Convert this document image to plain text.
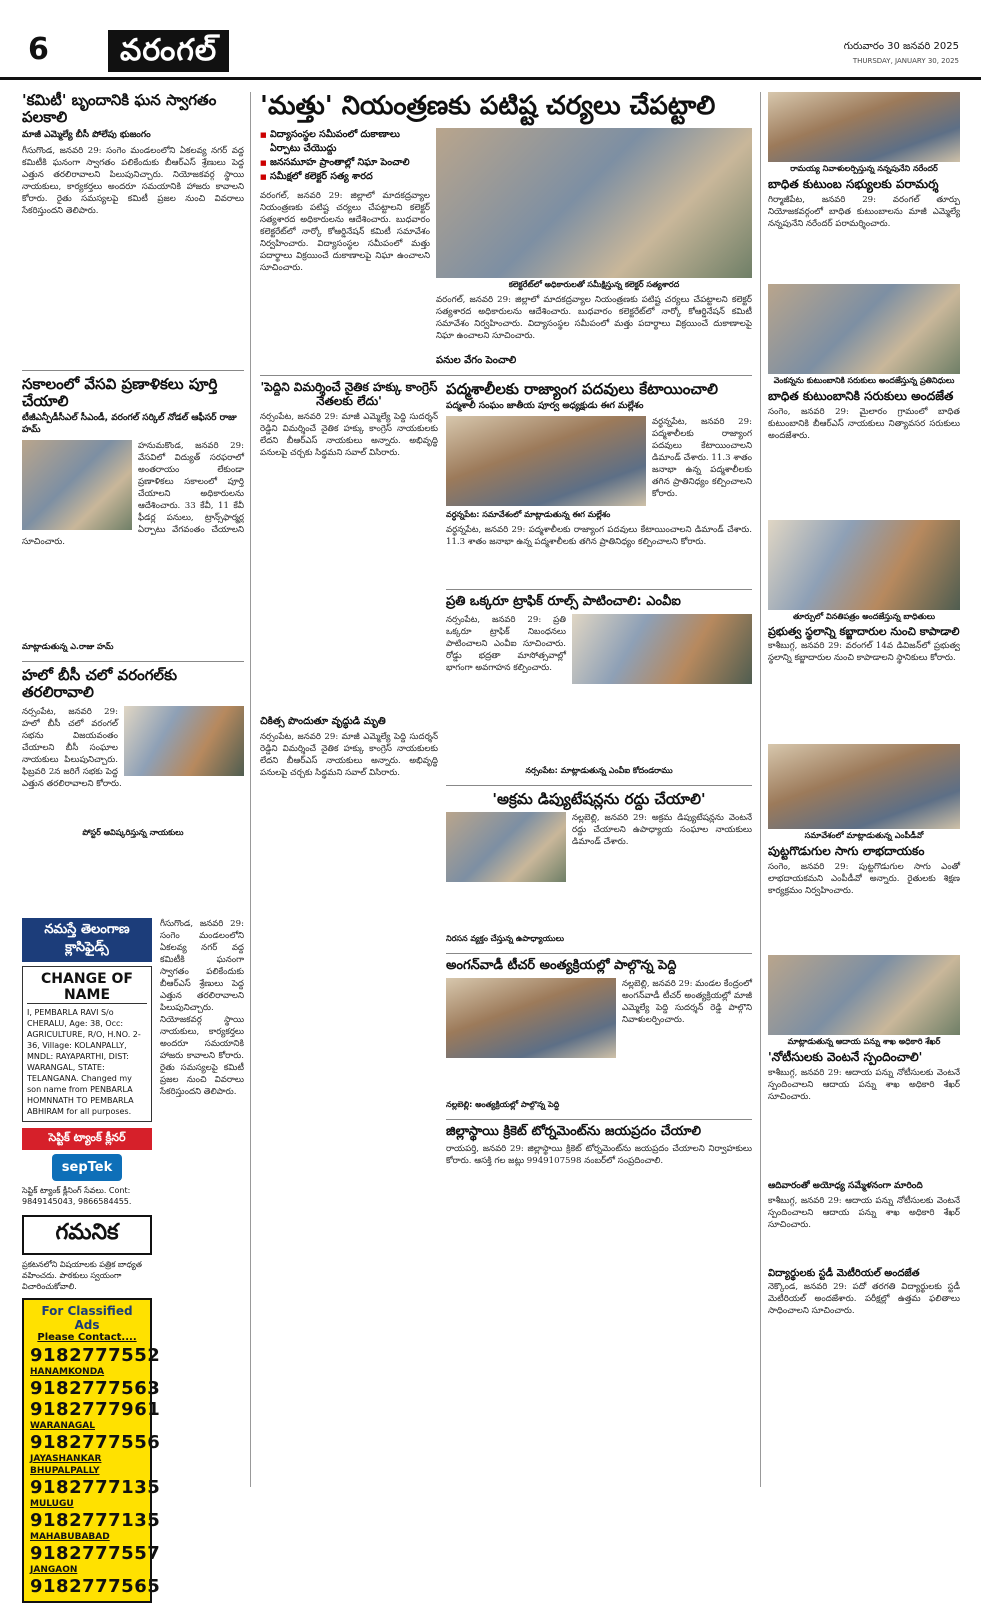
6	వరంగల్	గురువారం 30 జనవరి 2025
THURSDAY, JANUARY 30, 2025
'కమిటీ' బృందానికి ఘన స్వాగతం పలకాలి
మాజీ ఎమ్మెల్యే బీసీ పోలేపు భుజంగం
గీసుగొండ, జనవరి 29: సంగెం మండలంలోని ఏకలవ్య నగర్ వద్ద కమిటీకి ఘనంగా స్వాగతం పలికేందుకు బీఆర్ఎస్ శ్రేణులు పెద్ద ఎత్తున తరలిరావాలని పిలుపునిచ్చారు. నియోజకవర్గ స్థాయి నాయకులు, కార్యకర్తలు అందరూ సమయానికి హాజరు కావాలని కోరారు. రైతు సమస్యలపై కమిటీ ప్రజల నుంచి వివరాలు సేకరిస్తుందని తెలిపారు.
సకాలంలో వేసవి ప్రణాళికలు పూర్తి చేయాలి
టీజీఎన్పీడీసీఎల్ సీఎండీ, వరంగల్ సర్కిల్ నోడల్ ఆఫీసర్ రాజు హమ్
హనుమకొండ, జనవరి 29: వేసవిలో విద్యుత్ సరఫరాలో అంతరాయం లేకుండా ప్రణాళికలు సకాలంలో పూర్తి చేయాలని అధికారులను ఆదేశించారు. 33 కేవీ, 11 కేవీ ఫీడర్ల పనులు, ట్రాన్స్‌ఫార్మర్ల ఏర్పాటు వేగవంతం చేయాలని సూచించారు.
మాట్లాడుతున్న ఎ.రాజు హమ్
హలో బీసీ చలో వరంగల్‌కు తరలిరావాలి
నర్సంపేట, జనవరి 29: హలో బీసీ చలో వరంగల్ సభను విజయవంతం చేయాలని బీసీ సంఘాల నాయకులు పిలుపునిచ్చారు. ఫిబ్రవరి 2న జరిగే సభకు పెద్ద ఎత్తున తరలిరావాలని కోరారు.
పోస్టర్ ఆవిష్కరిస్తున్న నాయకులు
నమస్తే తెలంగాణ క్లాసిఫైడ్స్
CHANGE OF NAME
I, PEMBARLA RAVI S/o CHERALU, Age: 38, Occ: AGRICULTURE, R/O, H.NO. 2-36, Village: KOLANPALLY, MNDL: RAYAPARTHI, DIST: WARANGAL, STATE: TELANGANA. Changed my son name from PENBARLA HOMNNATH TO PEMBARLA ABHIRAM for all purposes.
సెప్టిక్ ట్యాంక్ క్లీనర్
sepTek
సెప్టిక్ ట్యాంక్ క్లీనింగ్ సేవలు. Cont: 9849145043, 9866584455.
గమనిక
ప్రకటనలోని విషయాలకు పత్రిక బాధ్యత వహించదు. పాఠకులు స్వయంగా విచారించుకోవాలి.
For Classified Ads
Please Contact....
9182777552
HANAMKONDA
9182777563
9182777961
WARANAGAL
9182777556
JAYASHANKAR BHUPALPALLY
9182777135
MULUGU
9182777135
MAHABUBABAD
9182777557
JANGAON
9182777565
గీసుగొండ, జనవరి 29: సంగెం మండలంలోని ఏకలవ్య నగర్ వద్ద కమిటీకి ఘనంగా స్వాగతం పలికేందుకు బీఆర్ఎస్ శ్రేణులు పెద్ద ఎత్తున తరలిరావాలని పిలుపునిచ్చారు. నియోజకవర్గ స్థాయి నాయకులు, కార్యకర్తలు అందరూ సమయానికి హాజరు కావాలని కోరారు. రైతు సమస్యలపై కమిటీ ప్రజల నుంచి వివరాలు సేకరిస్తుందని తెలిపారు.
'మత్తు' నియంత్రణకు పటిష్ట చర్యలు చేపట్టాలి
■ విద్యాసంస్థల సమీపంలో దుకాణాలు ఏర్పాటు చేయొద్దు
■ జనసమూహ ప్రాంతాల్లో నిఘా పెంచాలి
■ సమీక్షలో కలెక్టర్ సత్య శారద
వరంగల్, జనవరి 29: జిల్లాలో మాదకద్రవ్యాల నియంత్రణకు పటిష్ట చర్యలు చేపట్టాలని కలెక్టర్ సత్యశారద అధికారులను ఆదేశించారు. బుధవారం కలెక్టరేట్‌లో నార్కో కోఆర్డినేషన్ కమిటీ సమావేశం నిర్వహించారు. విద్యాసంస్థల సమీపంలో మత్తు పదార్థాలు విక్రయించే దుకాణాలపై నిఘా ఉంచాలని సూచించారు.
కలెక్టరేట్‌లో అధికారులతో సమీక్షిస్తున్న కలెక్టర్ సత్యశారద
వరంగల్, జనవరి 29: జిల్లాలో మాదకద్రవ్యాల నియంత్రణకు పటిష్ట చర్యలు చేపట్టాలని కలెక్టర్ సత్యశారద అధికారులను ఆదేశించారు. బుధవారం కలెక్టరేట్‌లో నార్కో కోఆర్డినేషన్ కమిటీ సమావేశం నిర్వహించారు. విద్యాసంస్థల సమీపంలో మత్తు పదార్థాలు విక్రయించే దుకాణాలపై నిఘా ఉంచాలని సూచించారు.
పనుల వేగం పెంచాలి
'పెద్దిని విమర్శించే నైతిక హక్కు కాంగ్రెస్ నేతలకు లేదు'
నర్సంపేట, జనవరి 29: మాజీ ఎమ్మెల్యే పెద్ది సుదర్శన్ రెడ్డిని విమర్శించే నైతిక హక్కు కాంగ్రెస్ నాయకులకు లేదని బీఆర్ఎస్ నాయకులు అన్నారు. అభివృద్ధి పనులపై చర్చకు సిద్ధమని సవాల్ విసిరారు.
చికిత్స పొందుతూ వృద్ధుడి మృతి
నర్సంపేట, జనవరి 29: మాజీ ఎమ్మెల్యే పెద్ది సుదర్శన్ రెడ్డిని విమర్శించే నైతిక హక్కు కాంగ్రెస్ నాయకులకు లేదని బీఆర్ఎస్ నాయకులు అన్నారు. అభివృద్ధి పనులపై చర్చకు సిద్ధమని సవాల్ విసిరారు.
పద్మశాలీలకు రాజ్యాంగ పదవులు కేటాయించాలి
పద్మశాలీ సంఘం జాతీయ పూర్వ అధ్యక్షుడు ఈగ మల్లేశం
వర్ధన్నపేట, జనవరి 29: పద్మశాలీలకు రాజ్యాంగ పదవులు కేటాయించాలని డిమాండ్ చేశారు. 11.3 శాతం జనాభా ఉన్న పద్మశాలీలకు తగిన ప్రాతినిధ్యం కల్పించాలని కోరారు.
వర్ధన్నపేట: సమావేశంలో మాట్లాడుతున్న ఈగ మల్లేశం
వర్ధన్నపేట, జనవరి 29: పద్మశాలీలకు రాజ్యాంగ పదవులు కేటాయించాలని డిమాండ్ చేశారు. 11.3 శాతం జనాభా ఉన్న పద్మశాలీలకు తగిన ప్రాతినిధ్యం కల్పించాలని కోరారు.
ప్రతి ఒక్కరూ ట్రాఫిక్ రూల్స్ పాటించాలి: ఎంవీఐ
నర్సంపేట, జనవరి 29: ప్రతి ఒక్కరూ ట్రాఫిక్ నిబంధనలు పాటించాలని ఎంవీఐ సూచించారు. రోడ్డు భద్రతా మాసోత్సవాల్లో భాగంగా అవగాహన కల్పించారు.
నర్సంపేట: మాట్లాడుతున్న ఎంవీఐ కోదండరాము
'అక్రమ డిప్యుటేషన్లను రద్దు చేయాలి'
నల్లబెల్లి, జనవరి 29: అక్రమ డిప్యుటేషన్లను వెంటనే రద్దు చేయాలని ఉపాధ్యాయ సంఘాల నాయకులు డిమాండ్ చేశారు.
నిరసన వ్యక్తం చేస్తున్న ఉపాధ్యాయులు
అంగన్‌వాడీ టీచర్ అంత్యక్రియల్లో పాల్గొన్న పెద్ది
నల్లబెల్లి, జనవరి 29: మండల కేంద్రంలో అంగన్‌వాడీ టీచర్ అంత్యక్రియల్లో మాజీ ఎమ్మెల్యే పెద్ది సుదర్శన్ రెడ్డి పాల్గొని నివాళులర్పించారు.
నల్లబెల్లి: అంత్యక్రియల్లో పాల్గొన్న పెద్ది
జిల్లాస్థాయి క్రికెట్ టోర్నమెంట్‌ను జయప్రదం చేయాలి
రాయపర్తి, జనవరి 29: జిల్లాస్థాయి క్రికెట్ టోర్నమెంట్‌ను జయప్రదం చేయాలని నిర్వాహకులు కోరారు. ఆసక్తి గల జట్లు 9949107598 నంబర్‌లో సంప్రదించాలి.
రామయ్య నివాళులర్పిస్తున్న నన్నపునేని నరేందర్
బాధిత కుటుంబ సభ్యులకు పరామర్శ
గిర్మాజీపేట, జనవరి 29: వరంగల్ తూర్పు నియోజకవర్గంలో బాధిత కుటుంబాలను మాజీ ఎమ్మెల్యే నన్నపునేని నరేందర్ పరామర్శించారు.
వెంకన్నను కుటుంబానికి సరుకులు అందజేస్తున్న ప్రతినిధులు
బాధిత కుటుంబానికి సరుకులు అందజేత
సంగెం, జనవరి 29: మైలారం గ్రామంలో బాధిత కుటుంబానికి బీఆర్ఎస్ నాయకులు నిత్యావసర సరుకులు అందజేశారు.
తూర్పులో వినతిపత్రం అందజేస్తున్న బాధితులు
ప్రభుత్వ స్థలాన్ని కబ్జాదారుల నుంచి కాపాడాలి
కాశీబుగ్గ, జనవరి 29: వరంగల్ 14వ డివిజన్‌లో ప్రభుత్వ స్థలాన్ని కబ్జాదారుల నుంచి కాపాడాలని స్థానికులు కోరారు.
సమావేశంలో మాట్లాడుతున్న ఎంపీడీవో
పుట్టగొడుగుల సాగు లాభదాయకం
సంగెం, జనవరి 29: పుట్టగొడుగుల సాగు ఎంతో లాభదాయకమని ఎంపీడీవో అన్నారు. రైతులకు శిక్షణ కార్యక్రమం నిర్వహించారు.
మాట్లాడుతున్న ఆదాయ పన్ను శాఖ అధికారి శేఖర్
'నోటీసులకు వెంటనే స్పందించాలి'
కాశీబుగ్గ, జనవరి 29: ఆదాయ పన్ను నోటీసులకు వెంటనే స్పందించాలని ఆదాయ పన్ను శాఖ అధికారి శేఖర్ సూచించారు.
ఆదివారంతో అయోధ్య సమ్మేళనంగా మారింది
కాశీబుగ్గ, జనవరి 29: ఆదాయ పన్ను నోటీసులకు వెంటనే స్పందించాలని ఆదాయ పన్ను శాఖ అధికారి శేఖర్ సూచించారు.
విద్యార్థులకు స్టడీ మెటీరియల్ అందజేత
నెక్కొండ, జనవరి 29: పదో తరగతి విద్యార్థులకు స్టడీ మెటీరియల్ అందజేశారు. పరీక్షల్లో ఉత్తమ ఫలితాలు సాధించాలని సూచించారు.
